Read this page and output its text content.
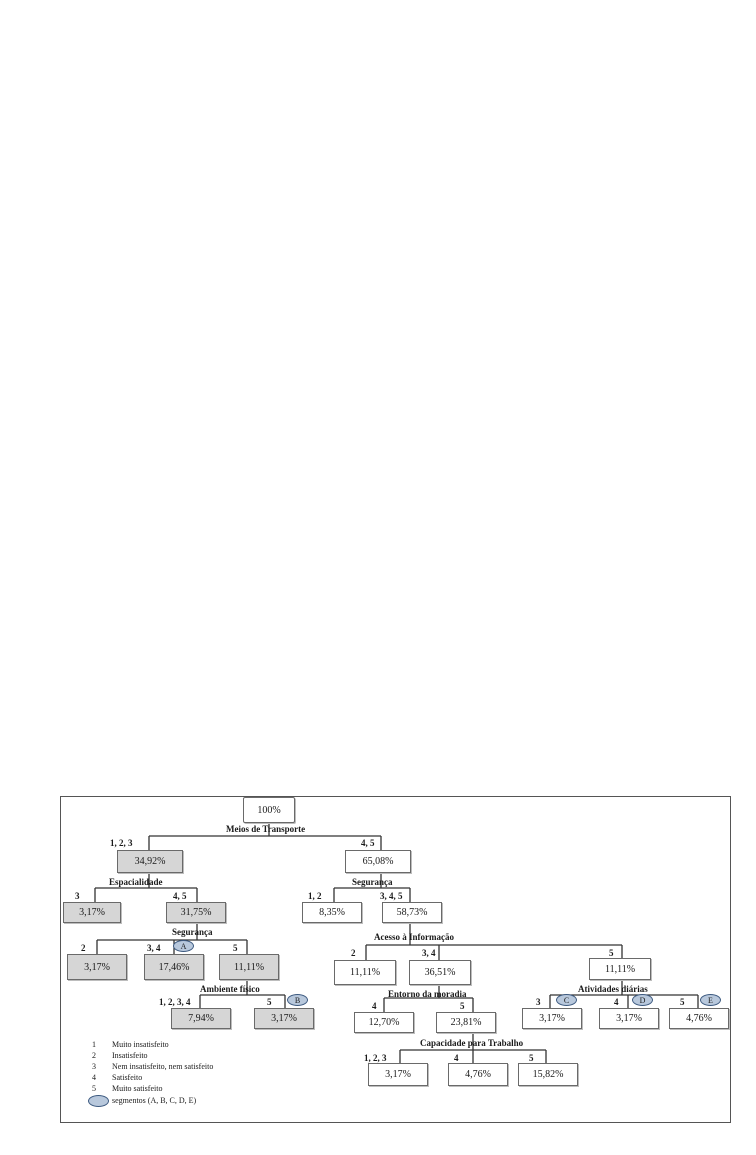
100%
34,92%	65,08%
3,17%	31,75%	8,35%	58,73%
3,17%	17,46%	11,11%	11,11%	36,51%	11,11%
7,94%	3,17%	12,70%	23,81%	3,17%	3,17%	4,76%
3,17%	4,76%	15,82%
Meios de Transporte
Espacialidade	Segurança
Segurança	Acesso à Informação
Ambiente físico	Entorno da moradia	Atividades diárias
Capacidade para Trabalho
1, 2, 3	4, 5
3	4, 5	1, 2	3, 4, 5
2	3, 4	5	2	3, 4	5
1, 2, 3, 4	5	4	5	3	4	5
1, 2, 3	4	5
A
B	C	D	E
1 Muito insatisfeito
2 Insatisfeito
3 Nem insatisfeito, nem satisfeito
4 Satisfeito
5 Muito satisfeito
segmentos (A, B, C, D, E)
